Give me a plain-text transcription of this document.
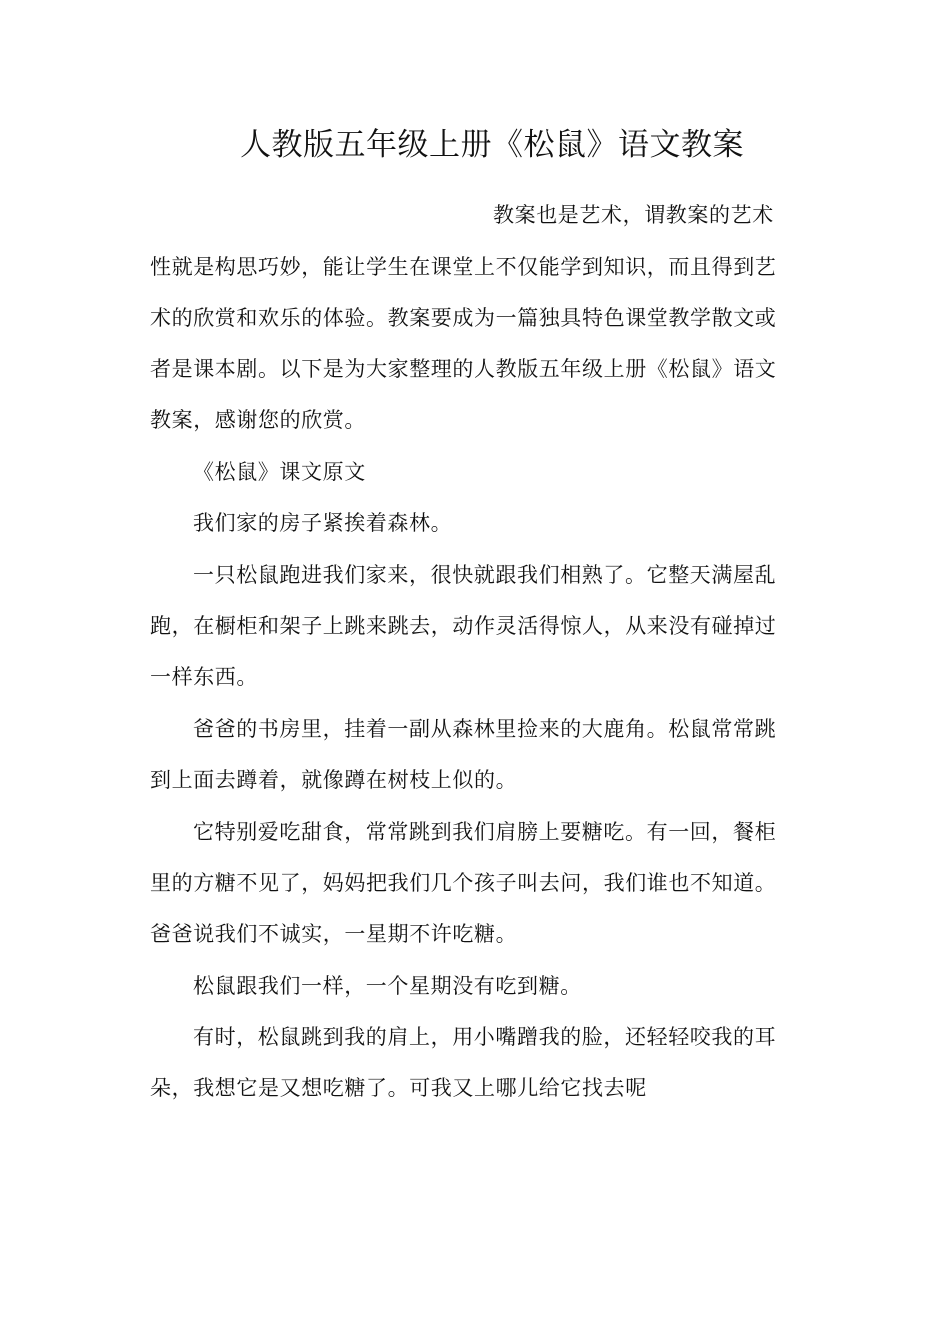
人教版五年级上册《松鼠》语文教案
教案也是艺术，谓教案的艺术
性就是构思巧妙，能让学生在课堂上不仅能学到知识，而且得到艺
术的欣赏和欢乐的体验。教案要成为一篇独具特色课堂教学散文或
者是课本剧。以下是为大家整理的人教版五年级上册《松鼠》语文
教案，感谢您的欣赏。
《松鼠》课文原文
我们家的房子紧挨着森林。
一只松鼠跑进我们家来，很快就跟我们相熟了。它整天满屋乱
跑，在橱柜和架子上跳来跳去，动作灵活得惊人，从来没有碰掉过
一样东西。
爸爸的书房里，挂着一副从森林里捡来的大鹿角。松鼠常常跳
到上面去蹲着，就像蹲在树枝上似的。
它特别爱吃甜食，常常跳到我们肩膀上要糖吃。有一回，餐柜
里的方糖不见了，妈妈把我们几个孩子叫去问，我们谁也不知道。
爸爸说我们不诚实，一星期不许吃糖。
松鼠跟我们一样，一个星期没有吃到糖。
有时，松鼠跳到我的肩上，用小嘴蹭我的脸，还轻轻咬我的耳
朵，我想它是又想吃糖了。可我又上哪儿给它找去呢
